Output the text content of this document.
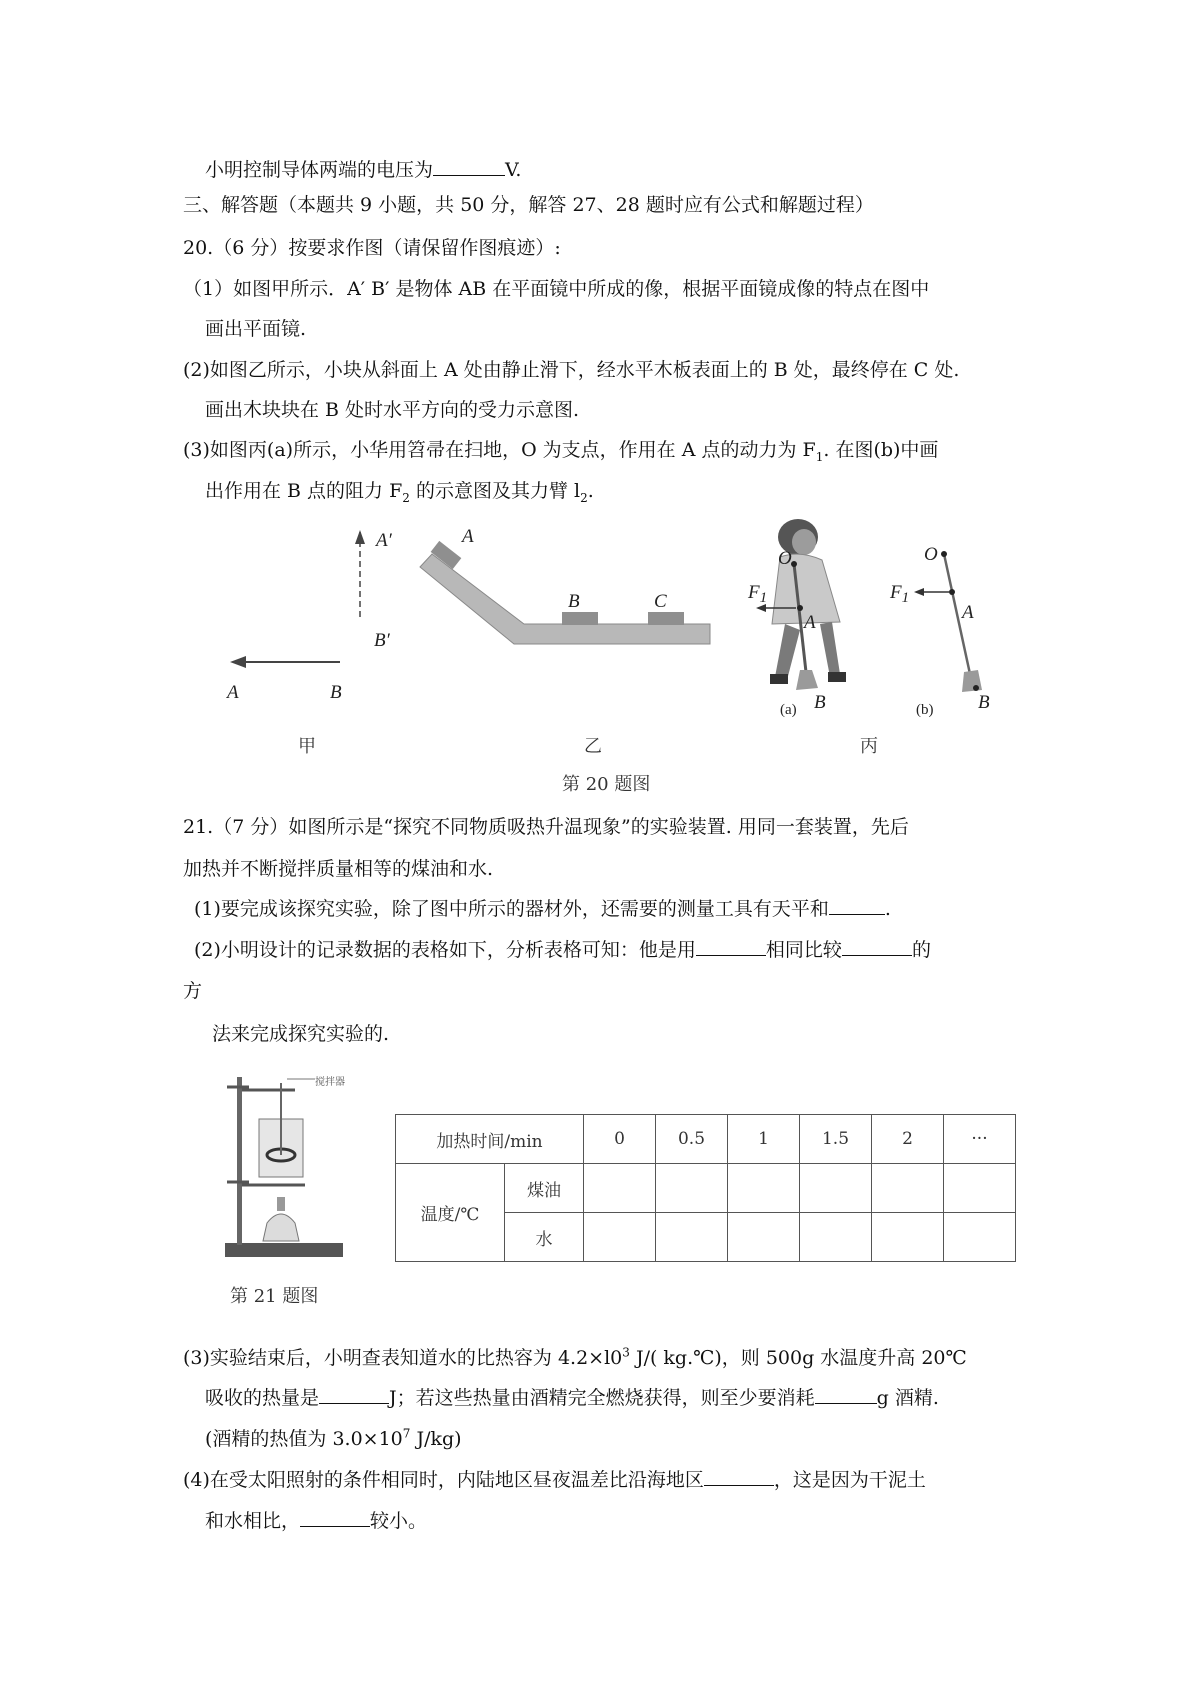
小明控制导体两端的电压为	V.
三、解答题（本题共 9 小题，共 50 分，解答 27、28 题时应有公式和解题过程）
20.（6 分）按要求作图（请保留作图痕迹）:
（1）如图甲所示．A′ B′ 是物体 AB 在平面镜中所成的像，根据平面镜成像的特点在图中
画出平面镜.
(2)如图乙所示，小块从斜面上 A 处由静止滑下，经水平木板表面上的 B 处，最终停在 C 处.
画出木块块在 B 处时水平方向的受力示意图.
(3)如图丙(a)所示，小华用笤帚在扫地，O 为支点，作用在 A 点的动力为 $F_1$. 在图(b)中画
出作用在 B 点的阻力 $F_2$ 的示意图及其力臂 $l_2$.
A′
B′
A	B
甲
A
B	C
乙
$F_1$
O
A
B
(a)
丙
$F_1$
O
A
B
(b)
第 20 题图
21.（7 分）如图所示是“探究不同物质吸热升温现象”的实验装置. 用同一套装置，先后
加热并不断搅拌质量相等的煤油和水.
(1)要完成该探究实验，除了图中所示的器材外，还需要的测量工具有天平和	.
(2)小明设计的记录数据的表格如下，分析表格可知：他是用	相同比较	的
方
法来完成探究实验的.
搅拌器
第 21 题图
加热时间/min		0	0.5	1	1.5	2	···
温度/℃	煤油						
	水						
(3)实验结束后，小明查表知道水的比热容为 $4.2\times l0^3$ J/( kg.℃)，则 500g 水温度升高 20℃
吸收的热量是	J；若这些热量由酒精完全燃烧获得，则至少要消耗	g 酒精.
(酒精的热值为 $3.0\times 10^7$ J/kg)
(4)在受太阳照射的条件相同时，内陆地区昼夜温差比沿海地区	，这是因为干泥土
和水相比，	较小。
